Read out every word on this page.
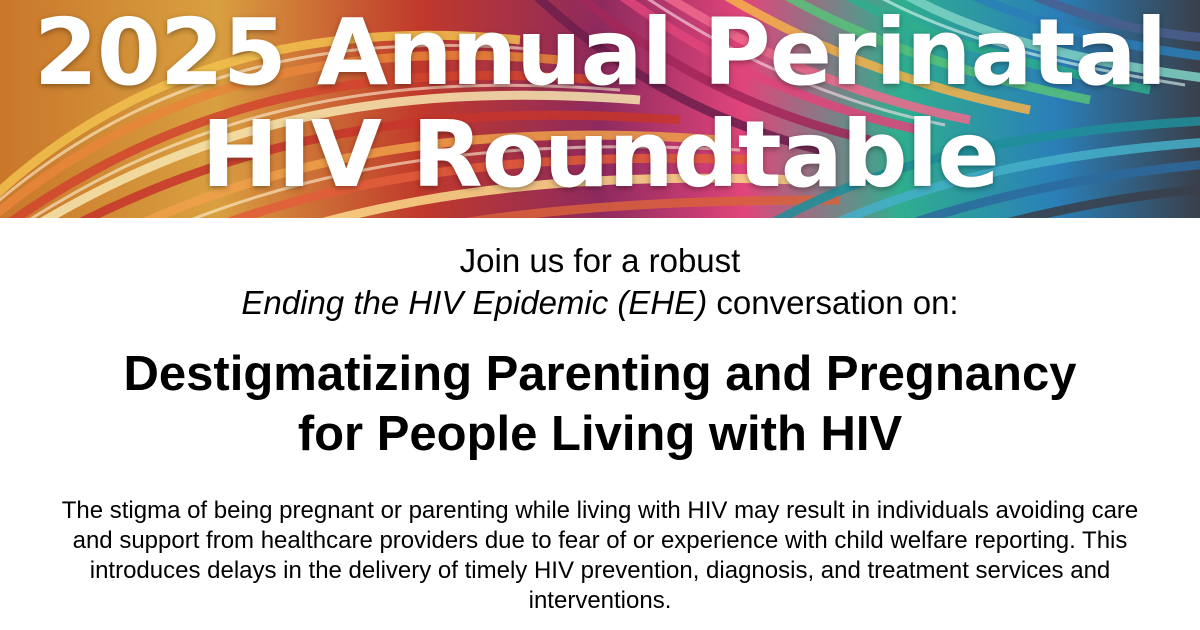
2025 Annual Perinatal
HIV Roundtable
Join us for a robust
Ending the HIV Epidemic (EHE) conversation on:
Destigmatizing Parenting and Pregnancy
for People Living with HIV

The stigma of being pregnant or parenting while living with HIV may result in individuals avoiding care and support from healthcare providers due to fear of or experience with child welfare reporting. This introduces delays in the delivery of timely HIV prevention, diagnosis, and treatment services and interventions.
